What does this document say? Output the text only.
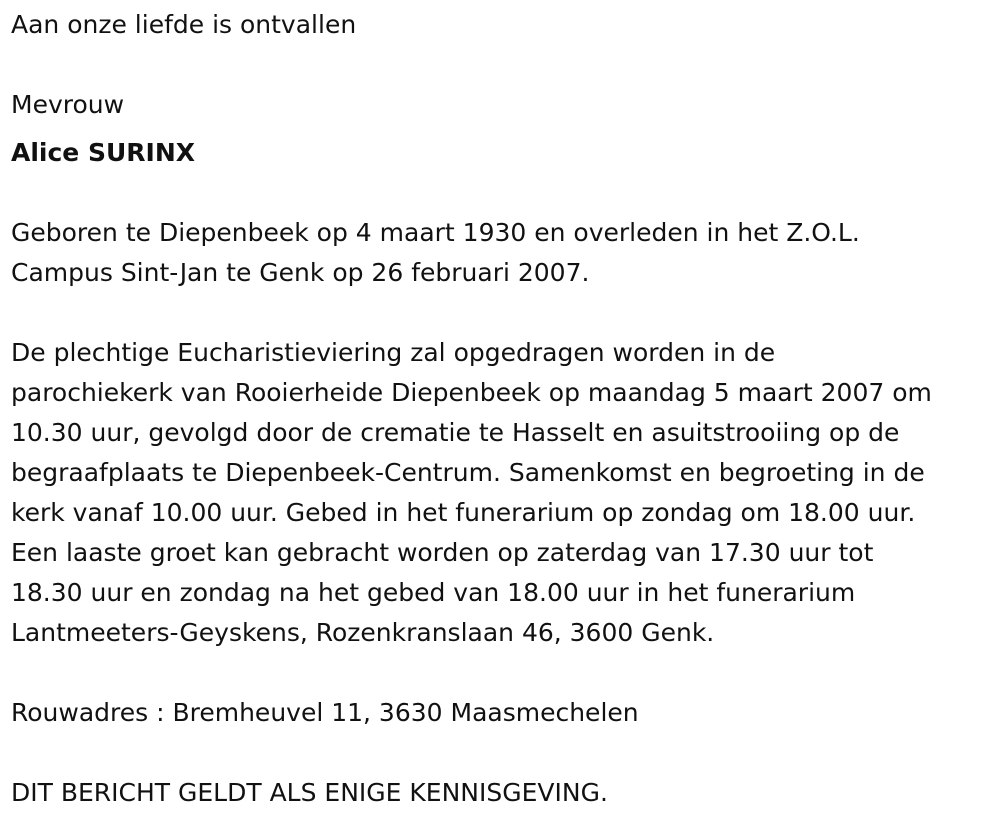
Aan onze liefde is ontvallen
Mevrouw
Alice SURINX
Geboren te Diepenbeek op 4 maart 1930 en overleden in het Z.O.L.
Campus Sint-Jan te Genk op 26 februari 2007.
De plechtige Eucharistieviering zal opgedragen worden in de
parochiekerk van Rooierheide Diepenbeek op maandag 5 maart 2007 om
10.30 uur, gevolgd door de crematie te Hasselt en asuitstrooiing op de
begraafplaats te Diepenbeek-Centrum. Samenkomst en begroeting in de
kerk vanaf 10.00 uur. Gebed in het funerarium op zondag om 18.00 uur.
Een laaste groet kan gebracht worden op zaterdag van 17.30 uur tot
18.30 uur en zondag na het gebed van 18.00 uur in het funerarium
Lantmeeters-Geyskens, Rozenkranslaan 46, 3600 Genk.
Rouwadres : Bremheuvel 11, 3630 Maasmechelen
DIT BERICHT GELDT ALS ENIGE KENNISGEVING.
